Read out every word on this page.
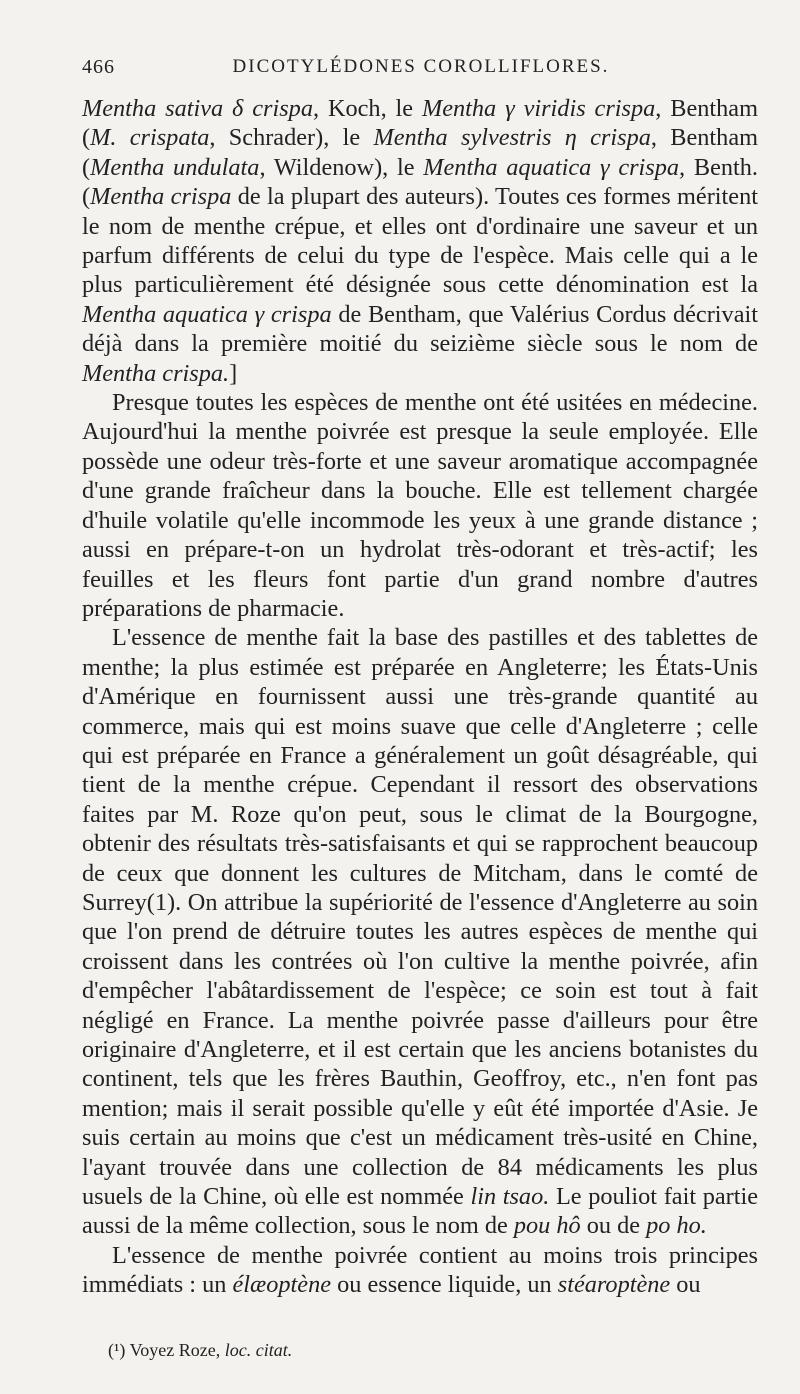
466	DICOTYLÉDONES COROLLIFLORES.

Mentha sativa δ crispa, Koch, le Mentha γ viridis crispa, Bentham (M. crispata, Schrader), le Mentha sylvestris η crispa, Bentham (Mentha undulata, Wildenow), le Mentha aquatica γ crispa, Benth. (Mentha crispa de la plupart des auteurs). Toutes ces formes méritent le nom de menthe crépue, et elles ont d'ordinaire une saveur et un parfum différents de celui du type de l'espèce. Mais celle qui a le plus particulièrement été désignée sous cette dénomination est la Mentha aquatica γ crispa de Bentham, que Valérius Cordus décrivait déjà dans la première moitié du seizième siècle sous le nom de Mentha crispa.]

Presque toutes les espèces de menthe ont été usitées en médecine. Aujourd'hui la menthe poivrée est presque la seule employée. Elle possède une odeur très-forte et une saveur aromatique accompagnée d'une grande fraîcheur dans la bouche. Elle est tellement chargée d'huile volatile qu'elle incommode les yeux à une grande distance ; aussi en prépare-t-on un hydrolat très-odorant et très-actif; les feuilles et les fleurs font partie d'un grand nombre d'autres préparations de pharmacie.

L'essence de menthe fait la base des pastilles et des tablettes de menthe; la plus estimée est préparée en Angleterre; les États-Unis d'Amérique en fournissent aussi une très-grande quantité au commerce, mais qui est moins suave que celle d'Angleterre ; celle qui est préparée en France a généralement un goût désagréable, qui tient de la menthe crépue. Cependant il ressort des observations faites par M. Roze qu'on peut, sous le climat de la Bourgogne, obtenir des résultats très-satisfaisants et qui se rapprochent beaucoup de ceux que donnent les cultures de Mitcham, dans le comté de Surrey(1). On attribue la supériorité de l'essence d'Angleterre au soin que l'on prend de détruire toutes les autres espèces de menthe qui croissent dans les contrées où l'on cultive la menthe poivrée, afin d'empêcher l'abâtardissement de l'espèce; ce soin est tout à fait négligé en France. La menthe poivrée passe d'ailleurs pour être originaire d'Angleterre, et il est certain que les anciens botanistes du continent, tels que les frères Bauthin, Geoffroy, etc., n'en font pas mention; mais il serait possible qu'elle y eût été importée d'Asie. Je suis certain au moins que c'est un médicament très-usité en Chine, l'ayant trouvée dans une collection de 84 médicaments les plus usuels de la Chine, où elle est nommée lin tsao. Le pouliot fait partie aussi de la même collection, sous le nom de pou hô ou de po ho.

L'essence de menthe poivrée contient au moins trois principes immédiats : un élæoptène ou essence liquide, un stéaroptène ou

(¹) Voyez Roze, loc. citat.
